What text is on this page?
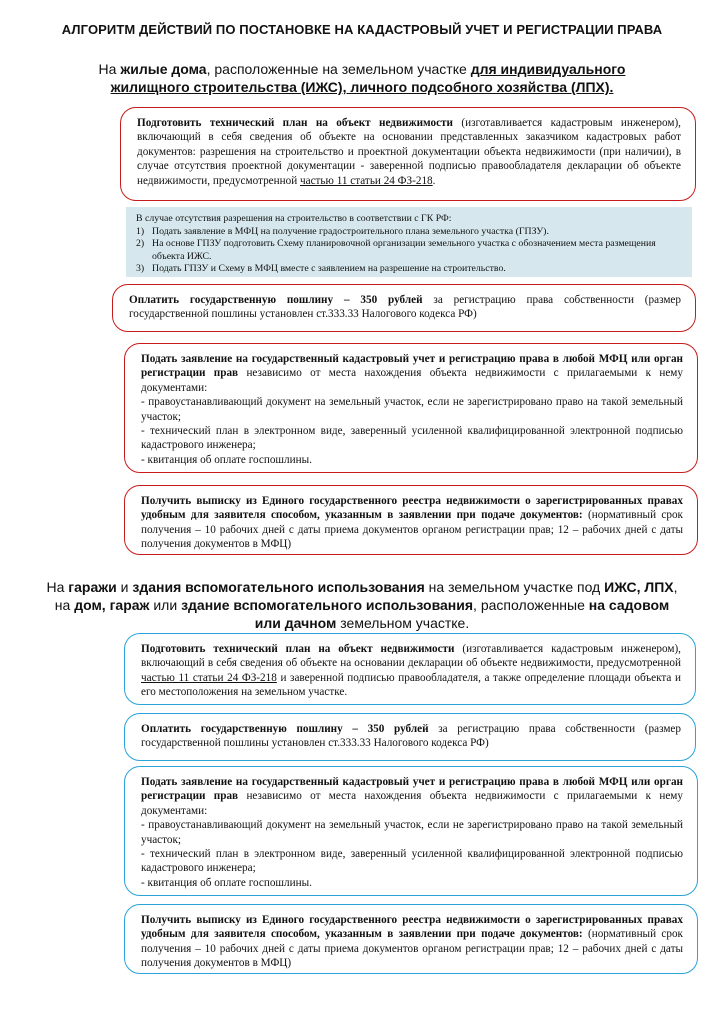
АЛГОРИТМ ДЕЙСТВИЙ ПО ПОСТАНОВКЕ НА КАДАСТРОВЫЙ УЧЕТ И РЕГИСТРАЦИИ ПРАВА
На жилые дома, расположенные на земельном участке для индивидуального жилищного строительства (ИЖС), личного подсобного хозяйства (ЛПХ).
Подготовить технический план на объект недвижимости (изготавливается кадастровым инженером), включающий в себя сведения об объекте на основании представленных заказчиком кадастровых работ документов: разрешения на строительство и проектной документации объекта недвижимости (при наличии), в случае отсутствия проектной документации - заверенной подписью правообладателя декларации об объекте недвижимости, предусмотренной частью 11 статьи 24 ФЗ-218.
В случае отсутствия разрешения на строительство в соответствии с ГК РФ:
1) Подать заявление в МФЦ на получение градостроительного плана земельного участка (ГПЗУ).
2) На основе ГПЗУ подготовить Схему планировочной организации земельного участка с обозначением места размещения объекта ИЖС.
3) Подать ГПЗУ и Схему в МФЦ вместе с заявлением на разрешение на строительство.
Оплатить государственную пошлину – 350 рублей за регистрацию права собственности (размер государственной пошлины установлен ст.333.33 Налогового кодекса РФ)
Подать заявление на государственный кадастровый учет и регистрацию права в любой МФЦ или орган регистрации прав независимо от места нахождения объекта недвижимости с прилагаемыми к нему документами:
- правоустанавливающий документ на земельный участок, если не зарегистрировано право на такой земельный участок;
- технический план в электронном виде, заверенный усиленной квалифицированной электронной подписью кадастрового инженера;
- квитанция об оплате госпошлины.
Получить выписку из Единого государственного реестра недвижимости о зарегистрированных правах удобным для заявителя способом, указанным в заявлении при подаче документов: (нормативный срок получения – 10 рабочих дней с даты приема документов органом регистрации прав; 12 – рабочих дней с даты получения документов в МФЦ)
На гаражи и здания вспомогательного использования на земельном участке под ИЖС, ЛПХ, на дом, гараж или здание вспомогательного использования, расположенные на садовом или дачном земельном участке.
Подготовить технический план на объект недвижимости (изготавливается кадастровым инженером), включающий в себя сведения об объекте на основании декларации об объекте недвижимости, предусмотренной частью 11 статьи 24 ФЗ-218 и заверенной подписью правообладателя, а также определение площади объекта и его местоположения на земельном участке.
Оплатить государственную пошлину – 350 рублей за регистрацию права собственности (размер государственной пошлины установлен ст.333.33 Налогового кодекса РФ)
Подать заявление на государственный кадастровый учет и регистрацию права в любой МФЦ или орган регистрации прав независимо от места нахождения объекта недвижимости с прилагаемыми к нему документами:
- правоустанавливающий документ на земельный участок, если не зарегистрировано право на такой земельный участок;
- технический план в электронном виде, заверенный усиленной квалифицированной электронной подписью кадастрового инженера;
- квитанция об оплате госпошлины.
Получить выписку из Единого государственного реестра недвижимости о зарегистрированных правах удобным для заявителя способом, указанным в заявлении при подаче документов: (нормативный срок получения – 10 рабочих дней с даты приема документов органом регистрации прав; 12 – рабочих дней с даты получения документов в МФЦ)
